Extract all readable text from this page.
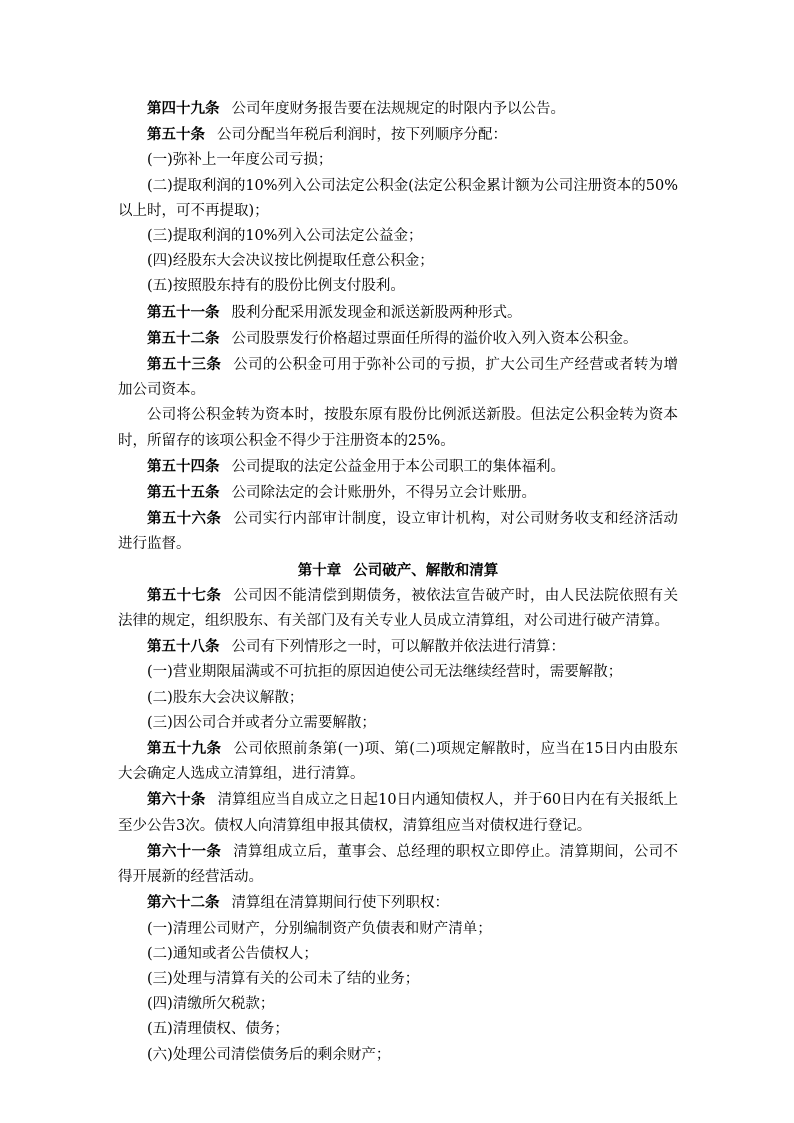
第四十九条 公司年度财务报告要在法规规定的时限内予以公告。

第五十条 公司分配当年税后利润时，按下列顺序分配：

(一)弥补上一年度公司亏损；

(二)提取利润的10%列入公司法定公积金(法定公积金累计额为公司注册资本的50%以上时，可不再提取)；

(三)提取利润的10%列入公司法定公益金；

(四)经股东大会决议按比例提取任意公积金；

(五)按照股东持有的股份比例支付股利。

第五十一条 股利分配采用派发现金和派送新股两种形式。

第五十二条 公司股票发行价格超过票面任所得的溢价收入列入资本公积金。

第五十三条 公司的公积金可用于弥补公司的亏损，扩大公司生产经营或者转为增加公司资本。

公司将公积金转为资本时，按股东原有股份比例派送新股。但法定公积金转为资本时，所留存的该项公积金不得少于注册资本的25%。

第五十四条 公司提取的法定公益金用于本公司职工的集体福利。

第五十五条 公司除法定的会计账册外，不得另立会计账册。

第五十六条 公司实行内部审计制度，设立审计机构，对公司财务收支和经济活动进行监督。

第十章 公司破产、解散和清算

第五十七条 公司因不能清偿到期债务，被依法宣告破产时，由人民法院依照有关法律的规定，组织股东、有关部门及有关专业人员成立清算组，对公司进行破产清算。

第五十八条 公司有下列情形之一时，可以解散并依法进行清算：

(一)营业期限届满或不可抗拒的原因迫使公司无法继续经营时，需要解散；

(二)股东大会决议解散；

(三)因公司合并或者分立需要解散；

第五十九条 公司依照前条第(一)项、第(二)项规定解散时，应当在15日内由股东大会确定人选成立清算组，进行清算。

第六十条 清算组应当自成立之日起10日内通知债权人，并于60日内在有关报纸上至少公告3次。债权人向清算组申报其债权，清算组应当对债权进行登记。

第六十一条 清算组成立后，董事会、总经理的职权立即停止。清算期间，公司不得开展新的经营活动。

第六十二条 清算组在清算期间行使下列职权：

(一)清理公司财产，分别编制资产负债表和财产清单；

(二)通知或者公告债权人；

(三)处理与清算有关的公司未了结的业务；

(四)清缴所欠税款；

(五)清理债权、债务；

(六)处理公司清偿债务后的剩余财产；
